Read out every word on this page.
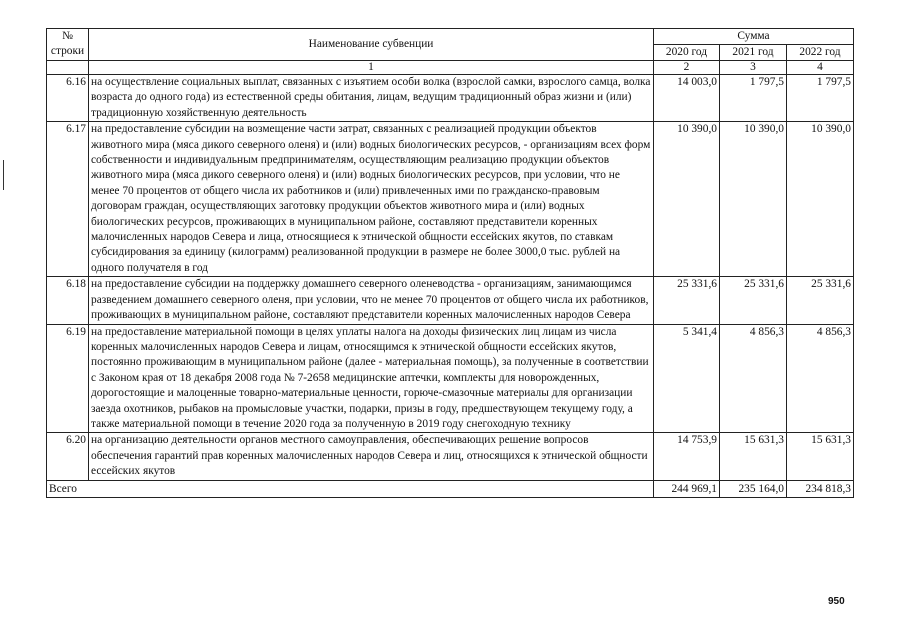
№
строки	Наименование субвенции	Сумма		
		2020 год	2021 год	2022 год
	1	2	3	4
6.16	на осуществление социальных выплат, связанных с изъятием особи волка (взрослой самки, взрослого самца, волка возраста до одного года) из естественной среды обитания, лицам, ведущим традиционный образ жизни и (или) традиционную хозяйственную деятельность	14 003,0	1 797,5	1 797,5
6.17	на предоставление субсидии на возмещение части затрат, связанных с реализацией продукции объектов животного мира (мяса дикого северного оленя) и (или) водных биологических ресурсов, - организациям всех форм собственности и индивидуальным предпринимателям, осуществляющим реализацию продукции объектов животного мира (мяса дикого северного оленя) и (или) водных биологических ресурсов, при условии, что не менее 70 процентов от общего числа их работников и (или) привлеченных ими по гражданско-правовым договорам граждан, осуществляющих заготовку продукции объектов животного мира и (или) водных биологических ресурсов, проживающих в муниципальном районе, составляют представители коренных малочисленных народов Севера и лица, относящиеся к этнической общности ессейских якутов, по ставкам субсидирования за единицу (килограмм) реализованной продукции в размере не более 3000,0 тыс. рублей на одного получателя в год	10 390,0	10 390,0	10 390,0
6.18	на предоставление субсидии на поддержку домашнего северного оленеводства - организациям, занимающимся разведением домашнего северного оленя, при условии, что не менее 70 процентов от общего числа их работников, проживающих в муниципальном районе, составляют представители коренных малочисленных народов Севера	25 331,6	25 331,6	25 331,6
6.19	на предоставление материальной помощи в целях уплаты налога на доходы физических лиц лицам из числа коренных малочисленных народов Севера и лицам, относящимся к этнической общности ессейских якутов, постоянно проживающим в муниципальном районе (далее - материальная помощь), за полученные в соответствии с Законом края от 18 декабря 2008 года № 7-2658 медицинские аптечки, комплекты для новорожденных, дорогостоящие и малоценные товарно-материальные ценности, горюче-смазочные материалы для организации заезда охотников, рыбаков на промысловые участки, подарки, призы в году, предшествующем текущему году, а также материальной помощи в течение 2020 года за полученную в 2019 году снегоходную технику	5 341,4	4 856,3	4 856,3
6.20	на организацию деятельности органов местного самоуправления, обеспечивающих решение вопросов обеспечения гарантий прав коренных малочисленных народов Севера и лиц, относящихся к этнической общности ессейских якутов	14 753,9	15 631,3	15 631,3
Всего		244 969,1	235 164,0	234 818,3
950
